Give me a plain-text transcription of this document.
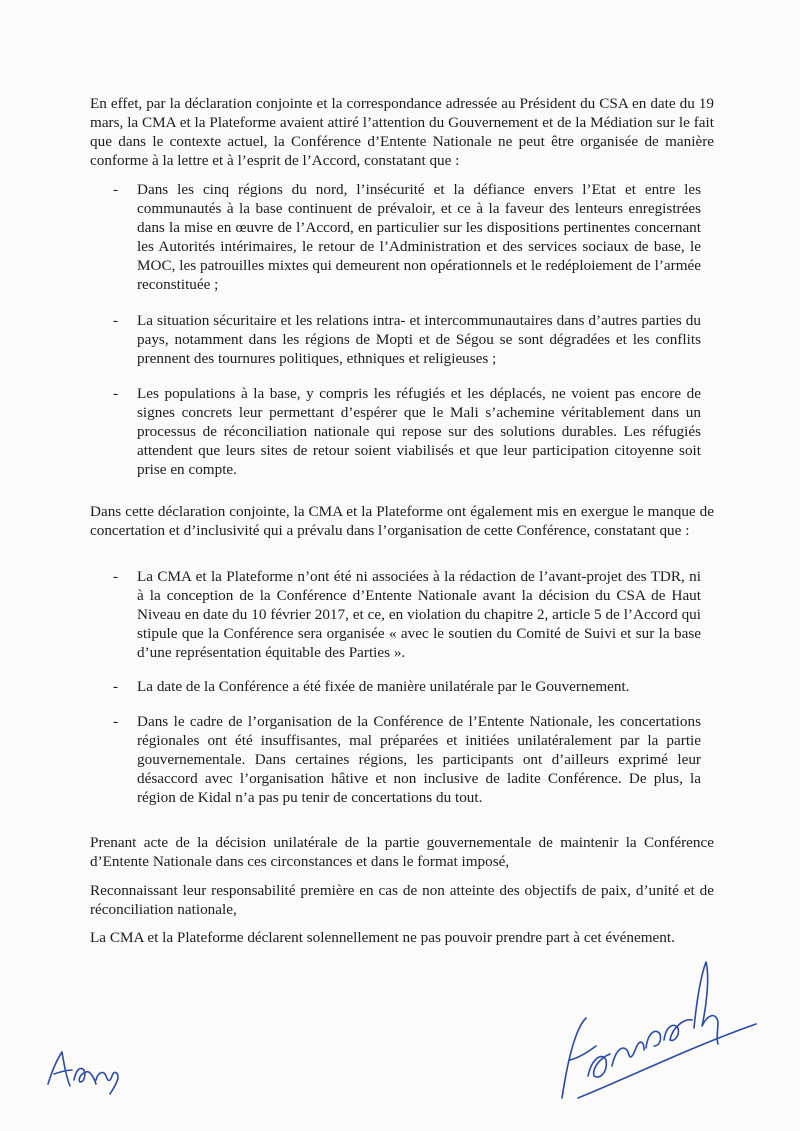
En effet, par la déclaration conjointe et la correspondance adressée au Président du CSA en date du 19 mars, la CMA et la Plateforme avaient attiré l’attention du Gouvernement et de la Médiation sur le fait que dans le contexte actuel, la Conférence d’Entente Nationale ne peut être organisée de manière conforme à la lettre et à l’esprit de l’Accord, constatant que :

- Dans les cinq régions du nord, l’insécurité et la défiance envers l’Etat et entre les communautés à la base continuent de prévaloir, et ce à la faveur des lenteurs enregistrées dans la mise en œuvre de l’Accord, en particulier sur les dispositions pertinentes concernant les Autorités intérimaires, le retour de l’Administration et des services sociaux de base, le MOC, les patrouilles mixtes qui demeurent non opérationnels et le redéploiement de l’armée reconstituée ;
- La situation sécuritaire et les relations intra- et intercommunautaires dans d’autres parties du pays, notamment dans les régions de Mopti et de Ségou se sont dégradées et les conflits prennent des tournures politiques, ethniques et religieuses ;
- Les populations à la base, y compris les réfugiés et les déplacés, ne voient pas encore de signes concrets leur permettant d’espérer que le Mali s’achemine véritablement dans un processus de réconciliation nationale qui repose sur des solutions durables. Les réfugiés attendent que leurs sites de retour soient viabilisés et que leur participation citoyenne soit prise en compte.

Dans cette déclaration conjointe, la CMA et la Plateforme ont également mis en exergue le manque de concertation et d’inclusivité qui a prévalu dans l’organisation de cette Conférence, constatant que :

- La CMA et la Plateforme n’ont été ni associées à la rédaction de l’avant-projet des TDR, ni à la conception de la Conférence d’Entente Nationale avant la décision du CSA de Haut Niveau en date du 10 février 2017, et ce, en violation du chapitre 2, article 5 de l’Accord qui stipule que la Conférence sera organisée « avec le soutien du Comité de Suivi et sur la base d’une représentation équitable des Parties ».
- La date de la Conférence a été fixée de manière unilatérale par le Gouvernement.
- Dans le cadre de l’organisation de la Conférence de l’Entente Nationale, les concertations régionales ont été insuffisantes, mal préparées et initiées unilatéralement par la partie gouvernementale. Dans certaines régions, les participants ont d’ailleurs exprimé leur désaccord avec l’organisation hâtive et non inclusive de ladite Conférence. De plus, la région de Kidal n’a pas pu tenir de concertations du tout.

Prenant acte de la décision unilatérale de la partie gouvernementale de maintenir la Conférence d’Entente Nationale dans ces circonstances et dans le format imposé,

Reconnaissant leur responsabilité première en cas de non atteinte des objectifs de paix, d’unité et de réconciliation nationale,

La CMA et la Plateforme déclarent solennellement ne pas pouvoir prendre part à cet événement.
